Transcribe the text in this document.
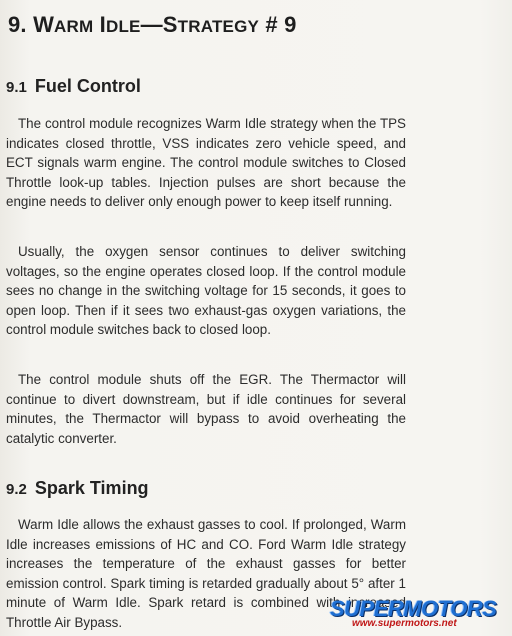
9. WARM IDLE—STRATEGY # 9
9.1 Fuel Control

The control module recognizes Warm Idle strategy when the TPS indicates closed throttle, VSS indicates zero vehicle speed, and ECT signals warm engine. The control module switches to Closed Throttle look-up tables. Injection pulses are short because the engine needs to deliver only enough power to keep itself running.

Usually, the oxygen sensor continues to deliver switching voltages, so the engine operates closed loop. If the control module sees no change in the switching voltage for 15 seconds, it goes to open loop. Then if it sees two exhaust-gas oxygen variations, the control module switches back to closed loop.

The control module shuts off the EGR. The Thermactor will continue to divert downstream, but if idle continues for several minutes, the Thermactor will bypass to avoid overheating the catalytic converter.

9.2 Spark Timing

Warm Idle allows the exhaust gasses to cool. If prolonged, Warm Idle increases emissions of HC and CO. Ford Warm Idle strategy increases the temperature of the exhaust gasses for better emission control. Spark timing is retarded gradually about 5° after 1 minute of Warm Idle. Spark retard is combined with increased Throttle Air Bypass.

SUPERMOTORS
www.supermotors.net
